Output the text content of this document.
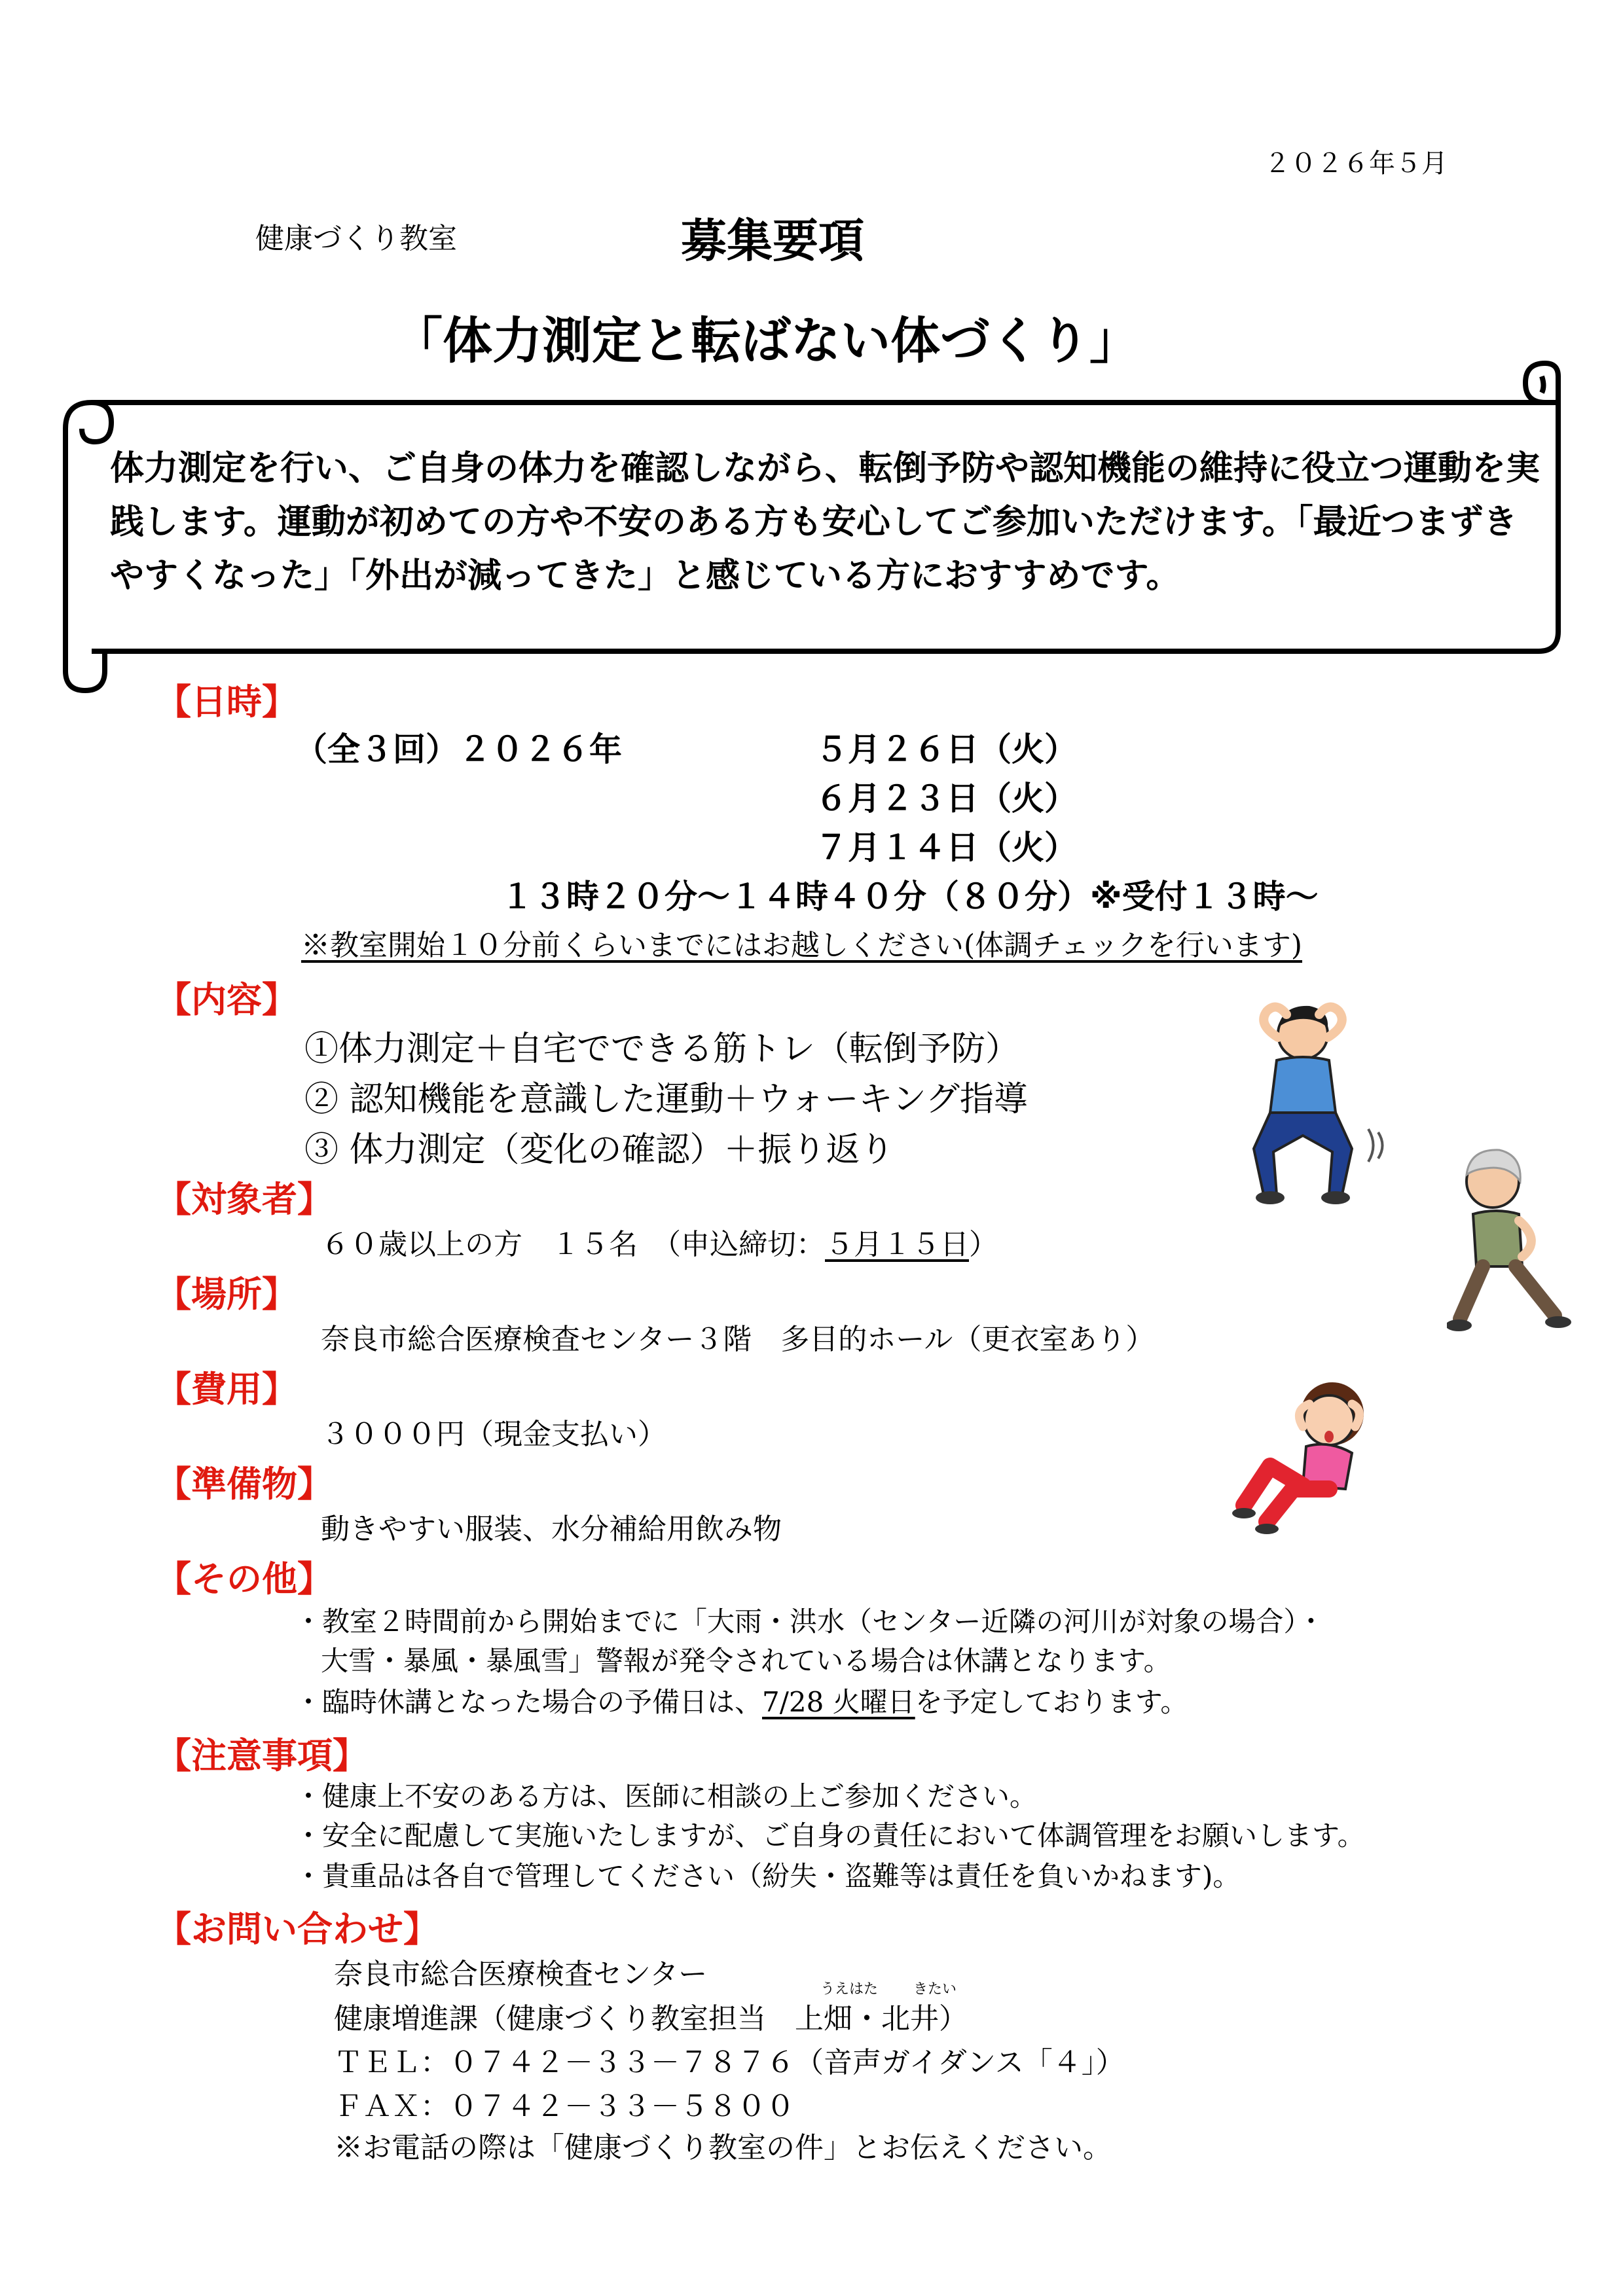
２０２６年５月
健康づくり教室	募集要項
「体力測定と転ばない体づくり」
体力測定を行い、ご自身の体力を確認しながら、転倒予防や認知機能の維持に役立つ運動を実践します。運動が初めての方や不安のある方も安心してご参加いただけます。「最近つまずきやすくなった」「外出が減ってきた」と感じている方におすすめです。
【日時】
（全３回）２０２６年	５月２６日（火）
６月２３日（火）
７月１４日（火）
１３時２０分～１４時４０分（８０分）※受付１３時～
※教室開始１０分前くらいまでにはお越しください(体調チェックを行います)
【内容】
①体力測定＋自宅でできる筋トレ（転倒予防）
② 認知機能を意識した運動＋ウォーキング指導
③ 体力測定（変化の確認）＋振り返り
【対象者】
６０歳以上の方　１５名　（申込締切：５月１５日）
【場所】
奈良市総合医療検査センター３階　多目的ホール（更衣室あり）
【費用】
３０００円（現金支払い）
【準備物】
動きやすい服装、水分補給用飲み物
【その他】
・教室２時間前から開始までに「大雨・洪水（センター近隣の河川が対象の場合）・
大雪・暴風・暴風雪」警報が発令されている場合は休講となります。
・臨時休講となった場合の予備日は、7/28 火曜日を予定しております。
【注意事項】
・健康上不安のある方は、医師に相談の上ご参加ください。
・安全に配慮して実施いたしますが、ご自身の責任において体調管理をお願いします。
・貴重品は各自で管理してください（紛失・盗難等は責任を負いかねます)。
【お問い合わせ】
奈良市総合医療検査センター
健康増進課（健康づくり教室担当　上畑・北井）
うえはた きたい
ＴＥＬ：０７４２－３３－７８７６（音声ガイダンス「４」）
ＦＡＸ：０７４２－３３－５８００
※お電話の際は「健康づくり教室の件」とお伝えください。
